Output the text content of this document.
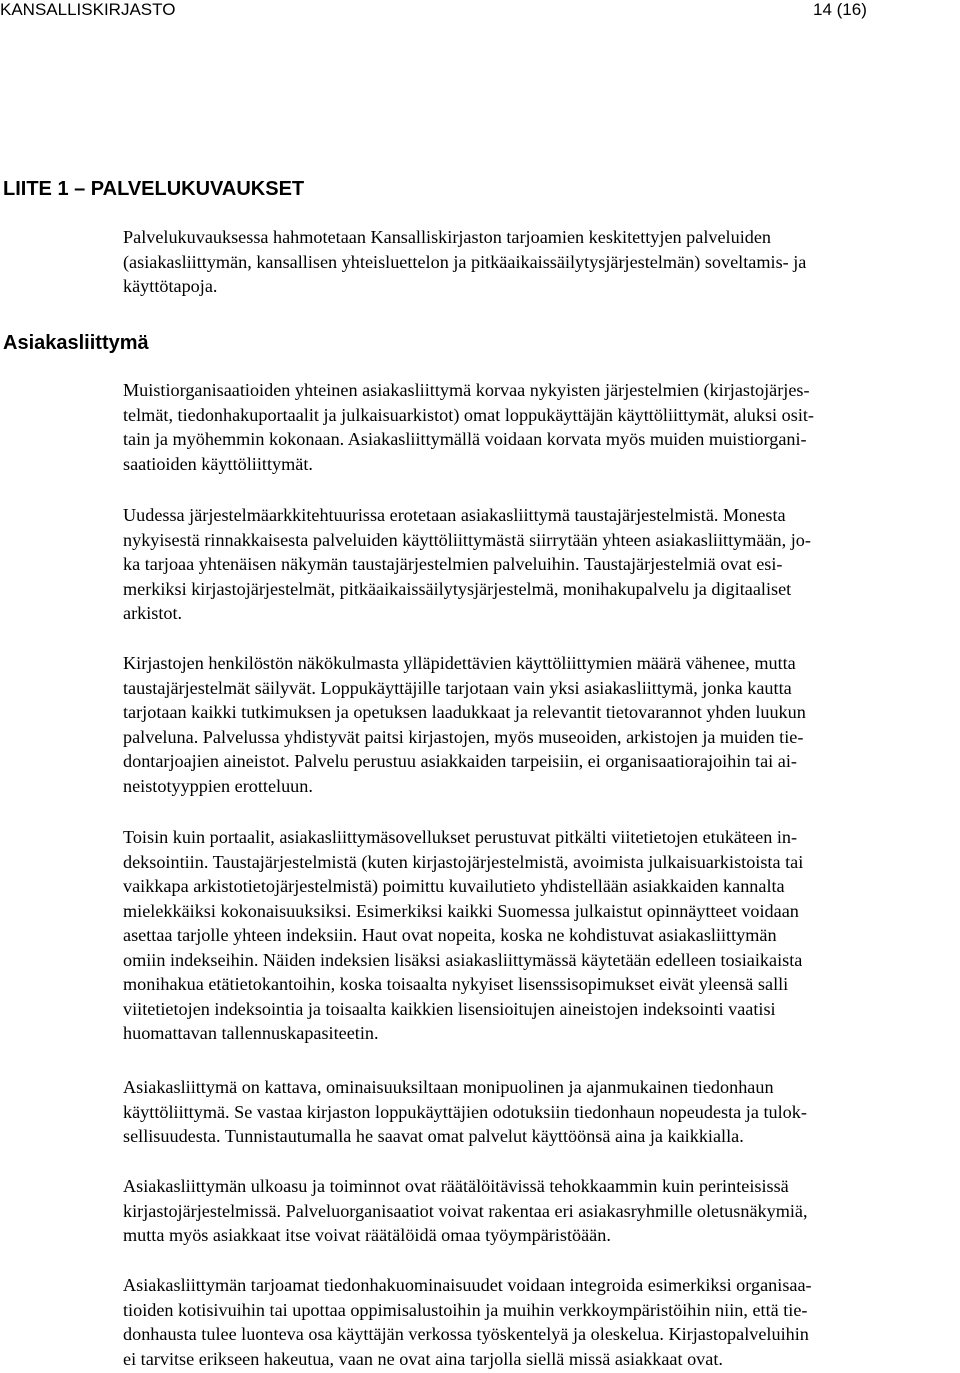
KANSALLISKIRJASTO	14 (16)
LIITE 1 – PALVELUKUVAUKSET

Palvelukuvauksessa hahmotetaan Kansalliskirjaston tarjoamien keskitettyjen palveluiden
(asiakasliittymän, kansallisen yhteisluettelon ja pitkäaikaissäilytysjärjestelmän) soveltamis- ja
käyttötapoja.

Asiakasliittymä

Muistiorganisaatioiden yhteinen asiakasliittymä korvaa nykyisten järjestelmien (kirjastojärjes-
telmät, tiedonhakuportaalit ja julkaisuarkistot) omat loppukäyttäjän käyttöliittymät, aluksi osit-
tain ja myöhemmin kokonaan. Asiakasliittymällä voidaan korvata myös muiden muistiorgani-
saatioiden käyttöliittymät.

Uudessa järjestelmäarkkitehtuurissa erotetaan asiakasliittymä taustajärjestelmistä. Monesta
nykyisestä rinnakkaisesta palveluiden käyttöliittymästä siirrytään yhteen asiakasliittymään, jo-
ka tarjoaa yhtenäisen näkymän taustajärjestelmien palveluihin. Taustajärjestelmiä ovat esi-
merkiksi kirjastojärjestelmät, pitkäaikaissäilytysjärjestelmä, monihakupalvelu ja digitaaliset
arkistot.

Kirjastojen henkilöstön näkökulmasta ylläpidettävien käyttöliittymien määrä vähenee, mutta
taustajärjestelmät säilyvät. Loppukäyttäjille tarjotaan vain yksi asiakasliittymä, jonka kautta
tarjotaan kaikki tutkimuksen ja opetuksen laadukkaat ja relevantit tietovarannot yhden luukun
palveluna. Palvelussa yhdistyvät paitsi kirjastojen, myös museoiden, arkistojen ja muiden tie-
dontarjoajien aineistot. Palvelu perustuu asiakkaiden tarpeisiin, ei organisaatiorajoihin tai ai-
neistotyyppien erotteluun.

Toisin kuin portaalit, asiakasliittymäsovellukset perustuvat pitkälti viitetietojen etukäteen in-
deksointiin. Taustajärjestelmistä (kuten kirjastojärjestelmistä, avoimista julkaisuarkistoista tai
vaikkapa arkistotietojärjestelmistä) poimittu kuvailutieto yhdistellään asiakkaiden kannalta
mielekkäiksi kokonaisuuksiksi. Esimerkiksi kaikki Suomessa julkaistut opinnäytteet voidaan
asettaa tarjolle yhteen indeksiin. Haut ovat nopeita, koska ne kohdistuvat asiakasliittymän
omiin indekseihin. Näiden indeksien lisäksi asiakasliittymässä käytetään edelleen tosiaikaista
monihakua etätietokantoihin, koska toisaalta nykyiset lisenssisopimukset eivät yleensä salli
viitetietojen indeksointia ja toisaalta kaikkien lisensioitujen aineistojen indeksointi vaatisi
huomattavan tallennuskapasiteetin.

Asiakasliittymä on kattava, ominaisuuksiltaan monipuolinen ja ajanmukainen tiedonhaun
käyttöliittymä. Se vastaa kirjaston loppukäyttäjien odotuksiin tiedonhaun nopeudesta ja tulok-
sellisuudesta. Tunnistautumalla he saavat omat palvelut käyttöönsä aina ja kaikkialla.

Asiakasliittymän ulkoasu ja toiminnot ovat räätälöitävissä tehokkaammin kuin perinteisissä
kirjastojärjestelmissä. Palveluorganisaatiot voivat rakentaa eri asiakasryhmille oletusnäkymiä,
mutta myös asiakkaat itse voivat räätälöidä omaa työympäristöään.

Asiakasliittymän tarjoamat tiedonhakuominaisuudet voidaan integroida esimerkiksi organisaa-
tioiden kotisivuihin tai upottaa oppimisalustoihin ja muihin verkkoympäristöihin niin, että tie-
donhausta tulee luonteva osa käyttäjän verkossa työskentelyä ja oleskelua. Kirjastopalveluihin
ei tarvitse erikseen hakeutua, vaan ne ovat aina tarjolla siellä missä asiakkaat ovat.
